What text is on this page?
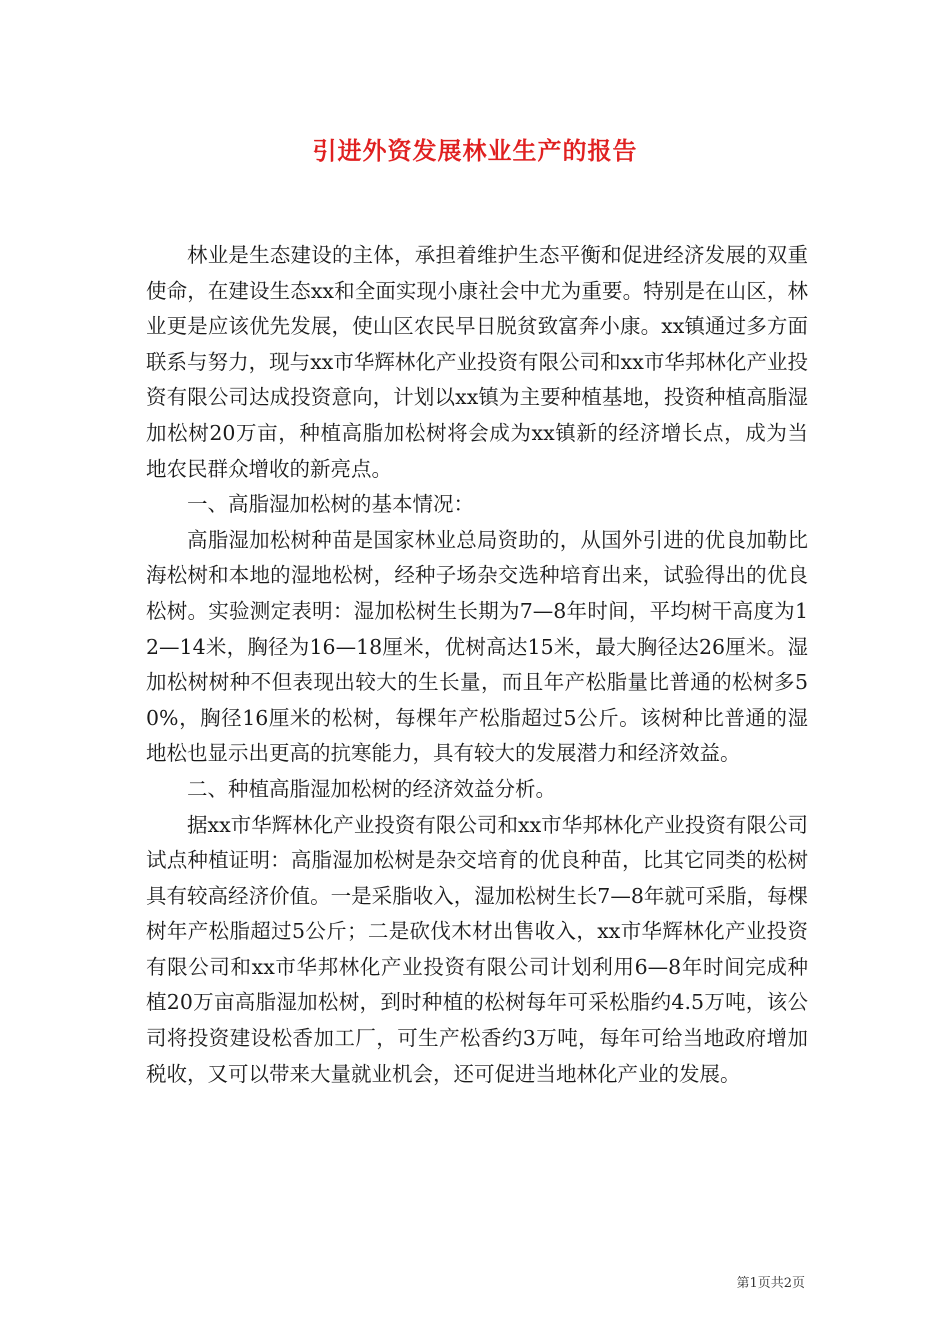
引进外资发展林业生产的报告

林业是生态建设的主体，承担着维护生态平衡和促进经济发展的双重使命，在建设生态xx和全面实现小康社会中尤为重要。特别是在山区，林业更是应该优先发展，使山区农民早日脱贫致富奔小康。xx镇通过多方面联系与努力，现与xx市华辉林化产业投资有限公司和xx市华邦林化产业投资有限公司达成投资意向，计划以xx镇为主要种植基地，投资种植高脂湿加松树20万亩，种植高脂加松树将会成为xx镇新的经济增长点，成为当地农民群众增收的新亮点。

一、高脂湿加松树的基本情况：

高脂湿加松树种苗是国家林业总局资助的，从国外引进的优良加勒比海松树和本地的湿地松树，经种子场杂交选种培育出来，试验得出的优良松树。实验测定表明：湿加松树生长期为7—8年时间，平均树干高度为12—14米，胸径为16—18厘米，优树高达15米，最大胸径达26厘米。湿加松树树种不但表现出较大的生长量，而且年产松脂量比普通的松树多50%，胸径16厘米的松树，每棵年产松脂超过5公斤。该树种比普通的湿地松也显示出更高的抗寒能力，具有较大的发展潜力和经济效益。

二、种植高脂湿加松树的经济效益分析。

据xx市华辉林化产业投资有限公司和xx市华邦林化产业投资有限公司试点种植证明：高脂湿加松树是杂交培育的优良种苗，比其它同类的松树具有较高经济价值。一是采脂收入，湿加松树生长7—8年就可采脂，每棵树年产松脂超过5公斤；二是砍伐木材出售收入，xx市华辉林化产业投资有限公司和xx市华邦林化产业投资有限公司计划利用6—8年时间完成种植20万亩高脂湿加松树，到时种植的松树每年可采松脂约4.5万吨，该公司将投资建设松香加工厂，可生产松香约3万吨，每年可给当地政府增加税收，又可以带来大量就业机会，还可促进当地林化产业的发展。

第1页共2页
